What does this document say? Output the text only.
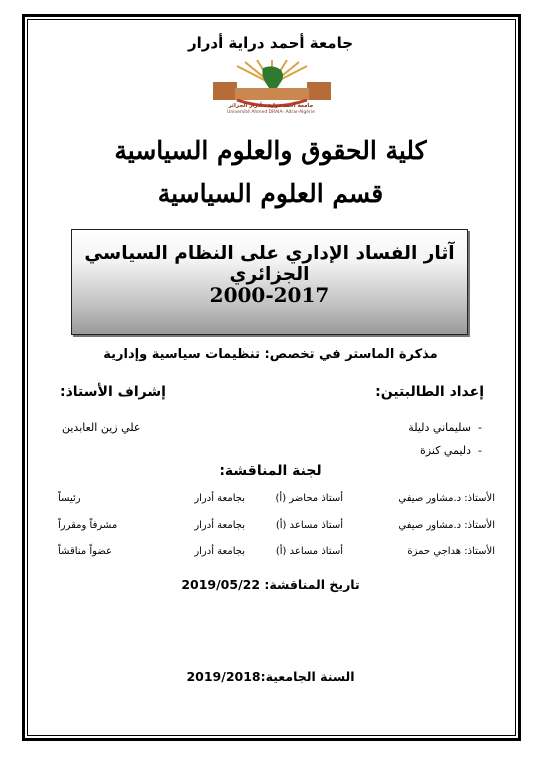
جامعة أحمد دراية أدرار
جامعة أحمد دراية ـ أدرار الجزائر
Université Ahmed DRAIA- Adrar-Algérie
كلية الحقوق والعلوم السياسية
قسم العلوم السياسية
آثار الفساد الإداري على النظام السياسي الجزائري
2000-2017
مذكرة الماستر في تخصص: تنظيمات سياسية وإدارية
إعداد الطالبتين:
إشراف الأستاذ:
-  سليماني دليلة
-  دليمي كنزة
علي زين العابدين
لجنة المناقشة:
الأستاذ: د.مشاور صيفي
أستاذ محاضر (أ)
بجامعة أدرار
رئيساً
الأستاذ: د.مشاور صيفي
أستاذ مساعد (أ)
بجامعة أدرار
مشرفاً ومقرراً
الأستاذ: هداجي حمزة
أستاذ مساعد (أ)
بجامعة أدرار
عضواً مناقشاً
تاريخ المناقشة: 2019/05/22
السنة الجامعية:2019/2018
